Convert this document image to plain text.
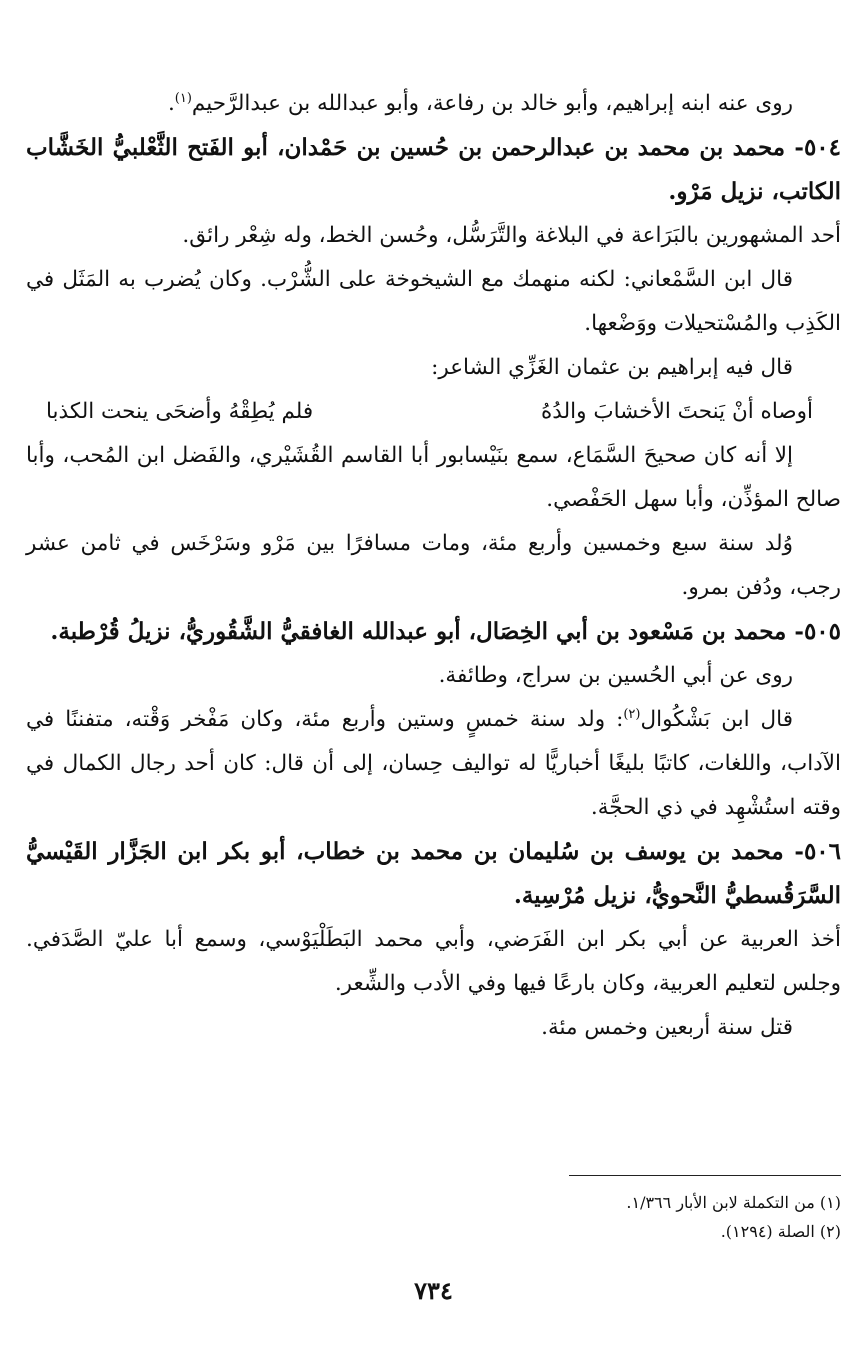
روى عنه ابنه إبراهيم، وأبو خالد بن رفاعة، وأبو عبدالله بن عبدالرَّحيم$^{(١)}$.

٥٠٤- محمد بن محمد بن عبدالرحمن بن حُسين بن حَمْدان، أبو الفَتح الثَّعْلبيُّ الخَشَّاب الكاتب، نزيل مَرْو.

أحد المشهورين بالبَرَاعة في البلاغة والتَّرَسُّل، وحُسن الخط، وله شِعْر رائق.

قال ابن السَّمْعاني: لكنه منهمك مع الشيخوخة على الشُّرْب. وكان يُضرب به المَثَل في الكَذِب والمُسْتحيلات ووَضْعها.

قال فيه إبراهيم بن عثمان الغَزِّي الشاعر:

أوصاه أنْ يَنحتَ الأخشابَ والدُهُ
فلم يُطِقْهُ وأضحَى ينحت الكذبا

إلا أنه كان صحيحَ السَّمَاع، سمع بنَيْسابور أبا القاسم القُشَيْري، والفَضل ابن المُحب، وأبا صالح المؤذِّن، وأبا سهل الحَفْصي.

وُلد سنة سبع وخمسين وأربع مئة، ومات مسافرًا بين مَرْو وسَرْخَس في ثامن عشر رجب، ودُفن بمرو.

٥٠٥- محمد بن مَسْعود بن أبي الخِصَال، أبو عبدالله الغافقيُّ الشَّقُوريُّ، نزيلُ قُرْطبة.

روى عن أبي الحُسين بن سراج، وطائفة.

قال ابن بَشْكُوال$^{(٢)}$: ولد سنة خمسٍ وستين وأربع مئة، وكان مَفْخر وَقْته، متفننًا في الآداب، واللغات، كاتبًا بليغًا أخباريًّا له تواليف حِسان، إلى أن قال: كان أحد رجال الكمال في وقته استُشْهِد في ذي الحجَّة.

٥٠٦- محمد بن يوسف بن سُليمان بن محمد بن خطاب، أبو بكر ابن الجَزَّار القَيْسيُّ السَّرَقُسطيُّ النَّحويُّ، نزيل مُرْسِية.

أخذ العربية عن أبي بكر ابن الفَرَضي، وأبي محمد البَطَلْيَوْسي، وسمع أبا عليّ الصَّدَفي. وجلس لتعليم العربية، وكان بارعًا فيها وفي الأدب والشِّعر.

قتل سنة أربعين وخمس مئة.

(١) من التكملة لابن الأبار ١/٣٦٦.

(٢) الصلة (١٢٩٤).

٧٣٤
